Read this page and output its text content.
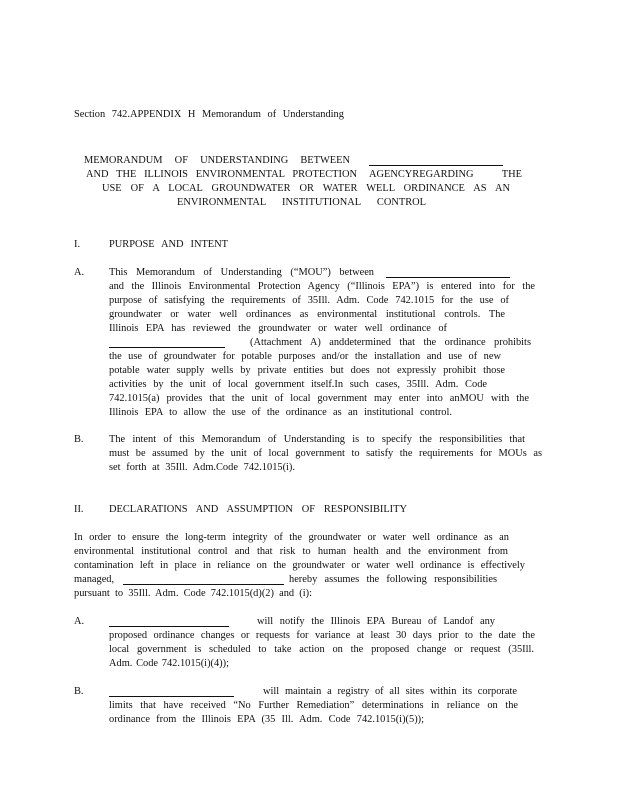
Section 742.APPENDIX H Memorandum of Understanding
MEMORANDUM OF UNDERSTANDING BETWEEN
AND THE ILLINOIS ENVIRONMENTAL PROTECTION AGENCYREGARDING THE
USE OF A LOCAL GROUNDWATER OR WATER WELL ORDINANCE AS AN
ENVIRONMENTAL INSTITUTIONAL CONTROL
I.	PURPOSE AND INTENT
A. This Memorandum of Understanding (“MOU”) between
and the Illinois Environmental Protection Agency (“Illinois EPA”) is entered into for the
purpose of satisfying the requirements of 35Ill. Adm. Code 742.1015 for the use of
groundwater or water well ordinances as environmental institutional controls. The
Illinois EPA has reviewed the groundwater or water well ordinance of
(Attachment A) anddetermined that the ordinance prohibits
the use of groundwater for potable purposes and/or the installation and use of new
potable water supply wells by private entities but does not expressly prohibit those
activities by the unit of local government itself.In such cases, 35Ill. Adm. Code
742.1015(a) provides that the unit of local government may enter into anMOU with the
Illinois EPA to allow the use of the ordinance as an institutional control.
B. The intent of this Memorandum of Understanding is to specify the responsibilities that
must be assumed by the unit of local government to satisfy the requirements for MOUs as
set forth at 35Ill. Adm.Code 742.1015(i).
II. DECLARATIONS AND ASSUMPTION OF RESPONSIBILITY
In order to ensure the long-term integrity of the groundwater or water well ordinance as an
environmental institutional control and that risk to human health and the environment from
contamination left in place in reliance on the groundwater or water well ordinance is effectively
managed,	hereby assumes the following responsibilities
pursuant to 35Ill. Adm. Code 742.1015(d)(2) and (i):
A.	will notify the Illinois EPA Bureau of Landof any
proposed ordinance changes or requests for variance at least 30 days prior to the date the
local government is scheduled to take action on the proposed change or request (35Ill.
Adm. Code 742.1015(i)(4));
B.	will maintain a registry of all sites within its corporate
limits that have received “No Further Remediation” determinations in reliance on the
ordinance from the Illinois EPA (35 Ill. Adm. Code 742.1015(i)(5));
